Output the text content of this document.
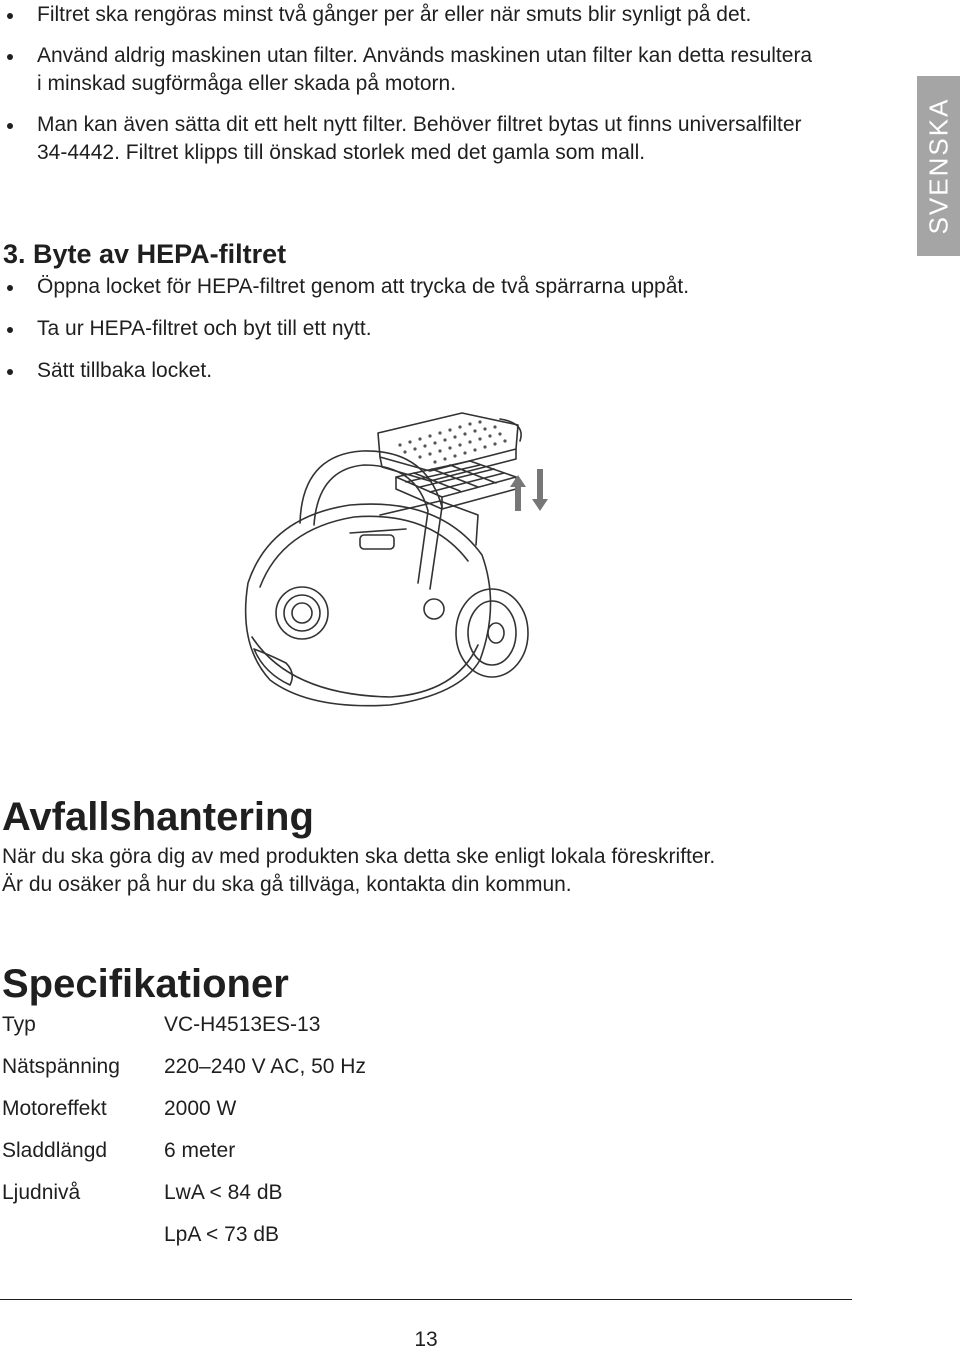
Filtret ska rengöras minst två gånger per år eller när smuts blir synligt på det.
Använd aldrig maskinen utan filter. Används maskinen utan filter kan detta resultera i minskad sugförmåga eller skada på motorn.
Man kan även sätta dit ett helt nytt filter. Behöver filtret bytas ut finns universalfilter 34-4442. Filtret klipps till önskad storlek med det gamla som mall.	SVENSKA
3. Byte av HEPA-filtret
Öppna locket för HEPA-filtret genom att trycka de två spärrarna uppåt.
Ta ur HEPA-filtret och byt till ett nytt.
Sätt tillbaka locket.
Avfallshantering

När du ska göra dig av med produkten ska detta ske enligt lokala föreskrifter.
Är du osäker på hur du ska gå tillväga, kontakta din kommun.

Specifikationer
Typ	VC-H4513ES-13
Nätspänning 220–240 V AC, 50 Hz
Motoreffekt	2000 W
Sladdlängd	6 meter
Ljudnivå	LwA < 84 dB
LpA < 73 dB
13
